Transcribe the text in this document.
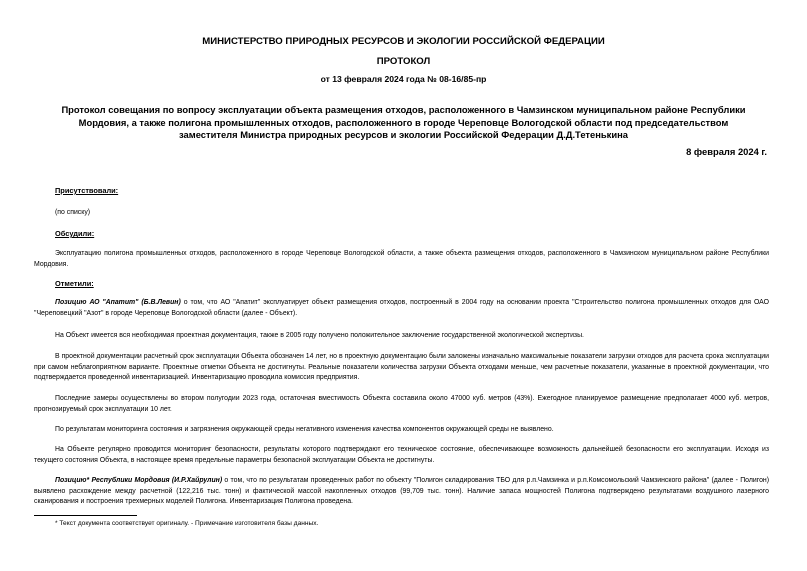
МИНИСТЕРСТВО ПРИРОДНЫХ РЕСУРСОВ И ЭКОЛОГИИ РОССИЙСКОЙ ФЕДЕРАЦИИ
ПРОТОКОЛ
от 13 февраля 2024 года № 08-16/85-пр
Протокол совещания по вопросу эксплуатации объекта размещения отходов, расположенного в Чамзинском муниципальном районе Республики Мордовия, а также полигона промышленных отходов, расположенного в городе Череповце Вологодской области под председательством заместителя Министра природных ресурсов и экологии Российской Федерации Д.Д.Тетенькина
8 февраля 2024 г.
Присутствовали:
(по списку)
Обсудили:
Эксплуатацию полигона промышленных отходов, расположенного в городе Череповце Вологодской области, а также объекта размещения отходов, расположенного в Чамзинском муниципальном районе Республики Мордовия.
Отметили:
Позицию АО "Апатит" (Б.В.Левин) о том, что АО "Апатит" эксплуатирует объект размещения отходов, построенный в 2004 году на основании проекта "Строительство полигона промышленных отходов для ОАО "Череповецкий "Азот" в городе Череповце Вологодской области (далее - Объект).
На Объект имеется вся необходимая проектная документация, также в 2005 году получено положительное заключение государственной экологической экспертизы.
В проектной документации расчетный срок эксплуатации Объекта обозначен 14 лет, но в проектную документацию были заложены изначально максимальные показатели загрузки отходов для расчета срока эксплуатации при самом неблагоприятном варианте. Проектные отметки Объекта не достигнуты. Реальные показатели количества загрузки Объекта отходами меньше, чем расчетные показатели, указанные в проектной документации, что подтверждается проведенной инвентаризацией. Инвентаризацию проводила комиссия предприятия.
Последние замеры осуществлены во втором полугодии 2023 года, остаточная вместимость Объекта составила около 47000 куб. метров (43%). Ежегодное планируемое размещение предполагает 4000 куб. метров, прогнозируемый срок эксплуатации 10 лет.
По результатам мониторинга состояния и загрязнения окружающей среды негативного изменения качества компонентов окружающей среды не выявлено.
На Объекте регулярно проводится мониторинг безопасности, результаты которого подтверждают его техническое состояние, обеспечивающее возможность дальнейшей безопасности его эксплуатации. Исходя из текущего состояния Объекта, в настоящее время предельные параметры безопасной эксплуатации Объекта не достигнуты.
Позицию* Республики Мордовия (И.Р.Хайрулин) о том, что по результатам проведенных работ по объекту "Полигон складирования ТБО для р.п.Чамзинка и р.п.Комсомольский Чамзинского района" (далее - Полигон) выявлено расхождение между расчетной (122,216 тыс. тонн) и фактической массой накопленных отходов (99,709 тыс. тонн). Наличие запаса мощностей Полигона подтверждено результатами воздушного лазерного сканирования и построения трехмерных моделей Полигона. Инвентаризация Полигона проведена.
* Текст документа соответствует оригиналу. - Примечание изготовителя базы данных.
